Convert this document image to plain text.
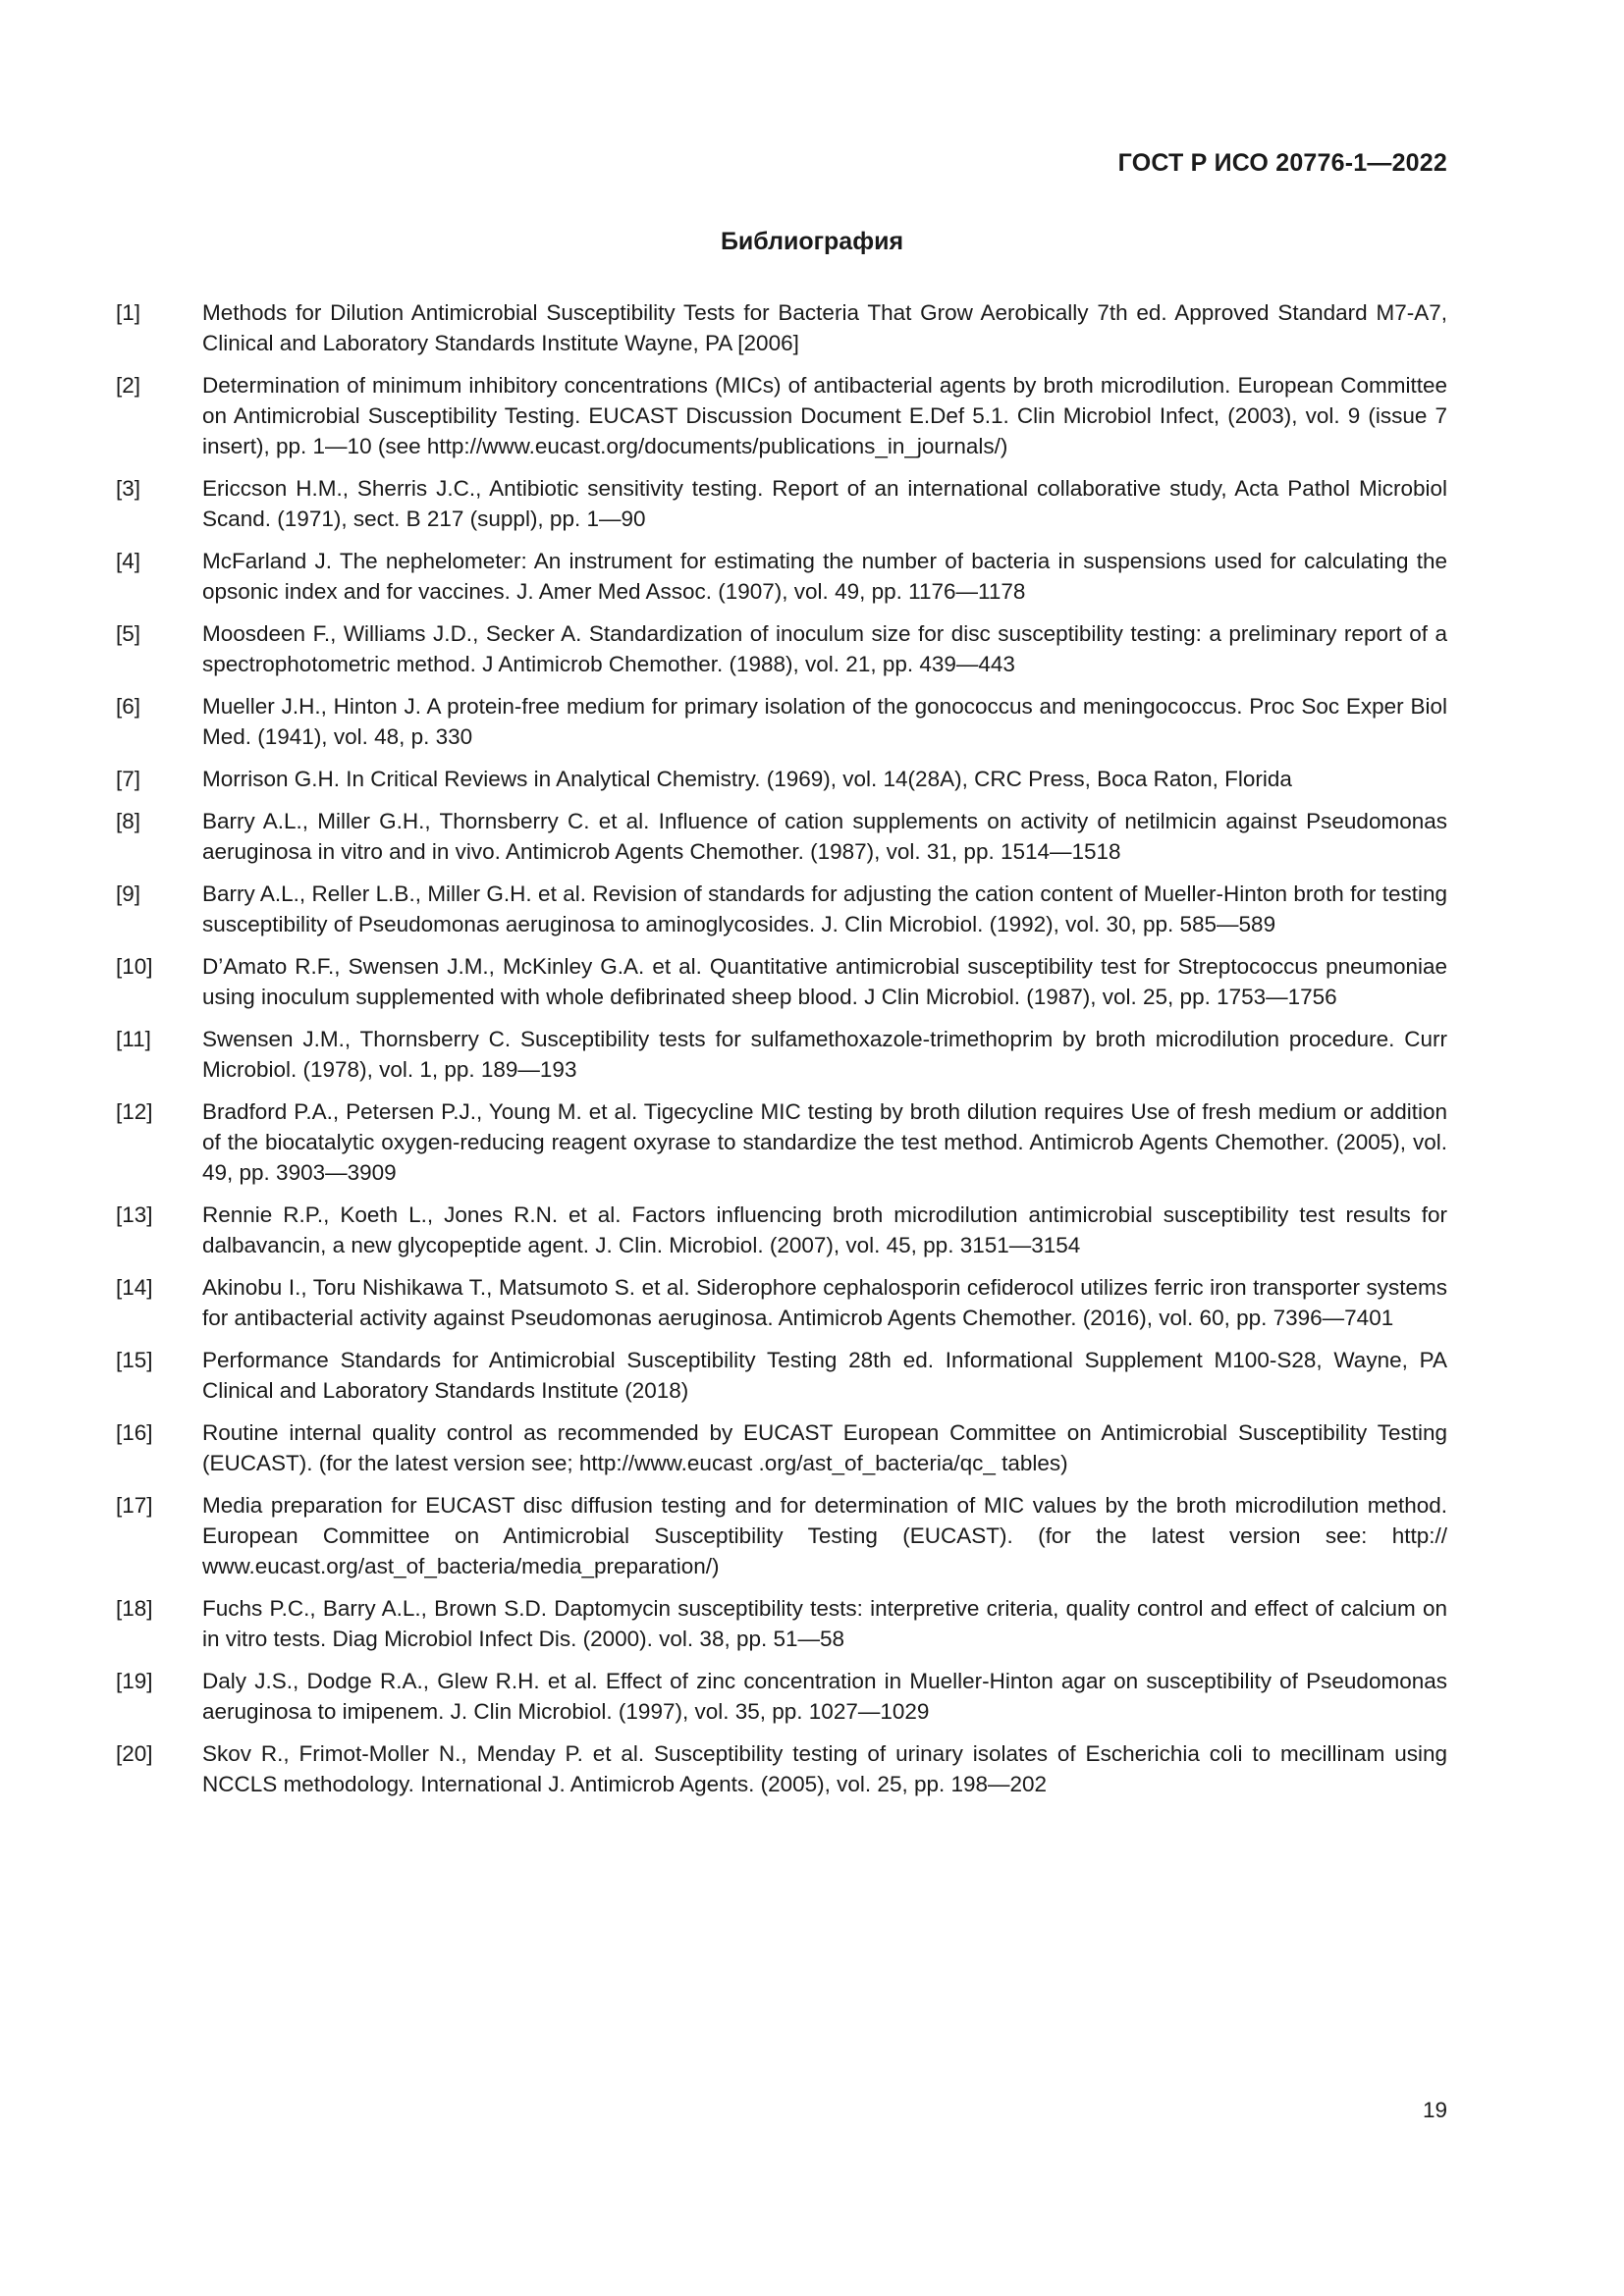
ГОСТ Р ИСО 20776-1—2022
Библиография
[1]	Methods for Dilution Antimicrobial Susceptibility Tests for Bacteria That Grow Aerobically 7th ed. Approved Standard M7-A7, Clinical and Laboratory Standards Institute Wayne, PA [2006]
[2]	Determination of minimum inhibitory concentrations (MICs) of antibacterial agents by broth microdilution. European Committee on Antimicrobial Susceptibility Testing. EUCAST Discussion Document E.Def 5.1. Clin Microbiol Infect, (2003), vol. 9 (issue 7 insert), pp. 1—10 (see http://www.eucast.org/documents/publications_in_journals/)
[3]	Ericcson H.M., Sherris J.C., Antibiotic sensitivity testing. Report of an international collaborative study, Acta Pathol Microbiol Scand. (1971), sect. B 217 (suppl), pp. 1—90
[4]	McFarland J. The nephelometer: An instrument for estimating the number of bacteria in suspensions used for calculating the opsonic index and for vaccines. J. Amer Med Assoc. (1907), vol. 49, pp. 1176—1178
[5]	Moosdeen F., Williams J.D., Secker A. Standardization of inoculum size for disc susceptibility testing: a preliminary report of a spectrophotometric method. J Antimicrob Chemother. (1988), vol. 21, pp. 439—443
[6]	Mueller J.H., Hinton J. A protein-free medium for primary isolation of the gonococcus and meningococcus. Proc Soc Exper Biol Med. (1941), vol. 48, p. 330
[7]	Morrison G.H. In Critical Reviews in Analytical Chemistry. (1969), vol. 14(28A), CRC Press, Boca Raton, Florida
[8]	Barry A.L., Miller G.H., Thornsberry C. et al. Influence of cation supplements on activity of netilmicin against Pseudomonas aeruginosa in vitro and in vivo. Antimicrob Agents Chemother. (1987), vol. 31, pp. 1514—1518
[9]	Barry A.L., Reller L.B., Miller G.H. et al. Revision of standards for adjusting the cation content of Mueller-Hinton broth for testing susceptibility of Pseudomonas aeruginosa to aminoglycosides. J. Clin Microbiol. (1992), vol. 30, pp. 585—589
[10]	D’Amato R.F., Swensen J.M., McKinley G.A. et al. Quantitative antimicrobial susceptibility test for Streptococcus pneumoniae using inoculum supplemented with whole defibrinated sheep blood. J Clin Microbiol. (1987), vol. 25, pp. 1753—1756
[11]	Swensen J.M., Thornsberry C. Susceptibility tests for sulfamethoxazole-trimethoprim by broth microdilution procedure. Curr Microbiol. (1978), vol. 1, pp. 189—193
[12]	Bradford P.A., Petersen P.J., Young M. et al. Tigecycline MIC testing by broth dilution requires Use of fresh medium or addition of the biocatalytic oxygen-reducing reagent oxyrase to standardize the test method. Antimicrob Agents Chemother. (2005), vol. 49, pp. 3903—3909
[13]	Rennie R.P., Koeth L., Jones R.N. et al. Factors influencing broth microdilution antimicrobial susceptibility test results for dalbavancin, a new glycopeptide agent. J. Clin. Microbiol. (2007), vol. 45, pp. 3151—3154
[14]	Akinobu I., Toru Nishikawa T., Matsumoto S. et al. Siderophore cephalosporin cefiderocol utilizes ferric iron transporter systems for antibacterial activity against Pseudomonas aeruginosa. Antimicrob Agents Chemother. (2016), vol. 60, pp. 7396—7401
[15]	Performance Standards for Antimicrobial Susceptibility Testing 28th ed. Informational Supplement M100-S28, Wayne, PA Clinical and Laboratory Standards Institute (2018)
[16]	Routine internal quality control as recommended by EUCAST European Committee on Antimicrobial Susceptibility Testing (EUCAST). (for the latest version see; http://www.eucast .org/ast_of_bacteria/qc_ tables)
[17]	Media preparation for EUCAST disc diffusion testing and for determination of MIC values by the broth microdilution method. European Committee on Antimicrobial Susceptibility Testing (EUCAST). (for the latest version see: http:// www.eucast.org/ast_of_bacteria/media_preparation/)
[18]	Fuchs P.C., Barry A.L., Brown S.D. Daptomycin susceptibility tests: interpretive criteria, quality control and effect of calcium on in vitro tests. Diag Microbiol Infect Dis. (2000). vol. 38, pp. 51—58
[19]	Daly J.S., Dodge R.A., Glew R.H. et al. Effect of zinc concentration in Mueller-Hinton agar on susceptibility of Pseudomonas aeruginosa to imipenem. J. Clin Microbiol. (1997), vol. 35, pp. 1027—1029
[20]	Skov R., Frimot-Moller N., Menday P. et al. Susceptibility testing of urinary isolates of Escherichia coli to mecillinam using NCCLS methodology. International J. Antimicrob Agents. (2005), vol. 25, pp. 198—202
19
